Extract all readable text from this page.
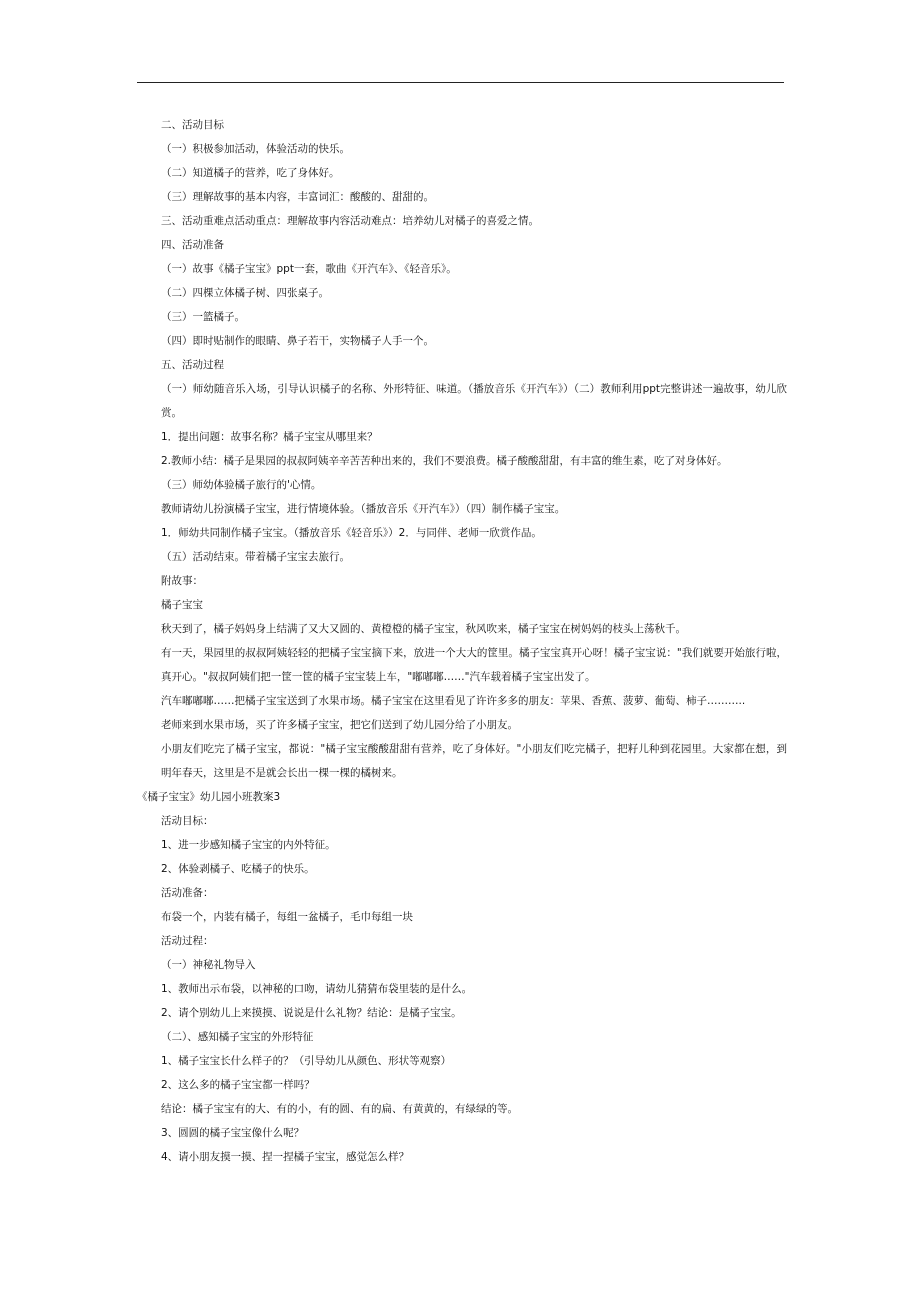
二、活动目标
（一）积极参加活动，体验活动的快乐。
（二）知道橘子的营养，吃了身体好。
（三）理解故事的基本内容，丰富词汇：酸酸的、甜甜的。
三、活动重难点活动重点：理解故事内容活动难点：培养幼儿对橘子的喜爱之情。
四、活动准备
（一）故事《橘子宝宝》ppt一套，歌曲《开汽车》、《轻音乐》。
（二）四棵立体橘子树、四张桌子。
（三）一篮橘子。
（四）即时贴制作的眼睛、鼻子若干，实物橘子人手一个。
五、活动过程
（一）师幼随音乐入场，引导认识橘子的名称、外形特征、味道。（播放音乐《开汽车》）（二）教师利用ppt完整讲述一遍故事，幼儿欣赏。
1．提出问题：故事名称？橘子宝宝从哪里来？
2.教师小结：橘子是果园的叔叔阿姨辛辛苦苦种出来的，我们不要浪费。橘子酸酸甜甜，有丰富的维生素，吃了对身体好。
（三）师幼体验橘子旅行的'心情。
教师请幼儿扮演橘子宝宝，进行情境体验。（播放音乐《开汽车》）（四）制作橘子宝宝。
1．师幼共同制作橘子宝宝。（播放音乐《轻音乐》）2．与同伴、老师一欣赏作品。
（五）活动结束。带着橘子宝宝去旅行。
附故事：
橘子宝宝
秋天到了，橘子妈妈身上结满了又大又圆的、黄橙橙的橘子宝宝，秋风吹来，橘子宝宝在树妈妈的枝头上荡秋千。
有一天，果园里的叔叔阿姨轻轻的把橘子宝宝摘下来，放进一个大大的筐里。橘子宝宝真开心呀！橘子宝宝说："我们就要开始旅行啦，真开心。"叔叔阿姨们把一筐一筐的橘子宝宝装上车，"嘟嘟嘟……"汽车载着橘子宝宝出发了。
汽车嘟嘟嘟……把橘子宝宝送到了水果市场。橘子宝宝在这里看见了许许多多的朋友：苹果、香蕉、菠萝、葡萄、柿子………..
老师来到水果市场，买了许多橘子宝宝，把它们送到了幼儿园分给了小朋友。
小朋友们吃完了橘子宝宝，都说："橘子宝宝酸酸甜甜有营养，吃了身体好。"小朋友们吃完橘子，把籽儿种到花园里。大家都在想，到明年春天，这里是不是就会长出一棵一棵的橘树来。
《橘子宝宝》幼儿园小班教案3
活动目标：
1、进一步感知橘子宝宝的内外特征。
2、体验剥橘子、吃橘子的快乐。
活动准备：
布袋一个，内装有橘子，每组一盆橘子，毛巾每组一块
活动过程：
（一）神秘礼物导入
1、教师出示布袋，以神秘的口吻，请幼儿猜猜布袋里装的是什么。
2、请个别幼儿上来摸摸、说说是什么礼物？结论：是橘子宝宝。
（二）、感知橘子宝宝的外形特征
1、橘子宝宝长什么样子的？（引导幼儿从颜色、形状等观察）
2、这么多的橘子宝宝都一样吗？
结论：橘子宝宝有的大、有的小，有的圆、有的扁、有黄黄的，有绿绿的等。
3、圆圆的橘子宝宝像什么呢？
4、请小朋友摸一摸、捏一捏橘子宝宝，感觉怎么样？
